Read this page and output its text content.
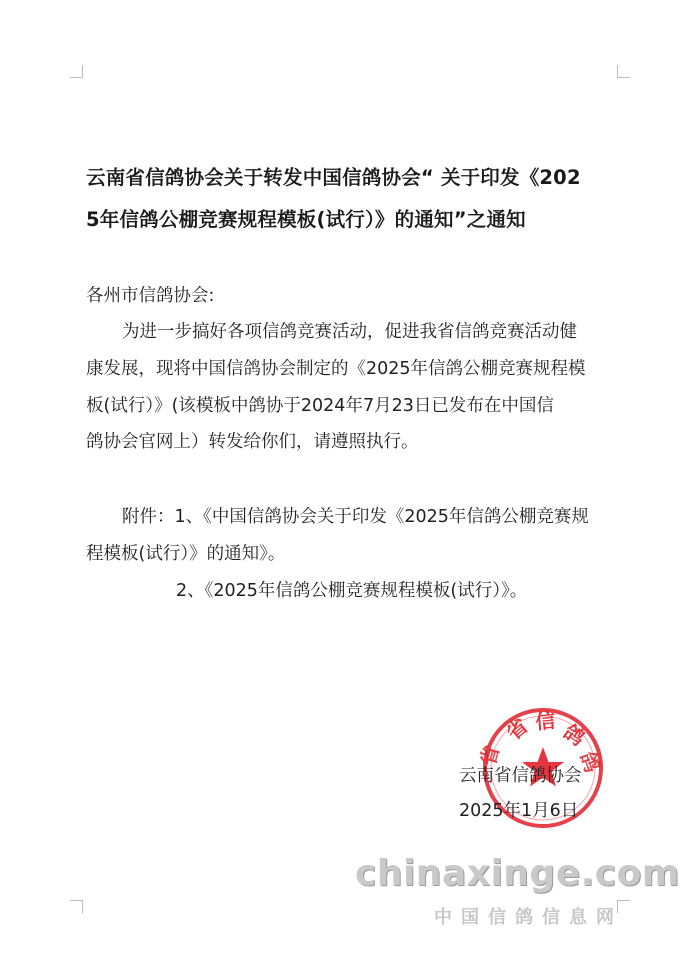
云南省信鸽协会关于转发中国信鸽协会“ 关于印发《202
5年信鸽公棚竞赛规程模板(试行）》的通知”之通知
各州市信鸽协会:
为进一步搞好各项信鸽竞赛活动，促进我省信鸽竞赛活动健
康发展，现将中国信鸽协会制定的《2025年信鸽公棚竞赛规程模
板(试行）》(该模板中鸽协于2024年7月23日已发布在中国信
鸽协会官网上）转发给你们，请遵照执行。
附件：1、《中国信鸽协会关于印发《2025年信鸽公棚竞赛规
程模板(试行）》的通知》。
2、《2025年信鸽公棚竞赛规程模板(试行）》。
省 信 鸽
鸽
省
云南省信鸽协会
2025年1月6日
chinaxinge.com
中国信鸽信息网
